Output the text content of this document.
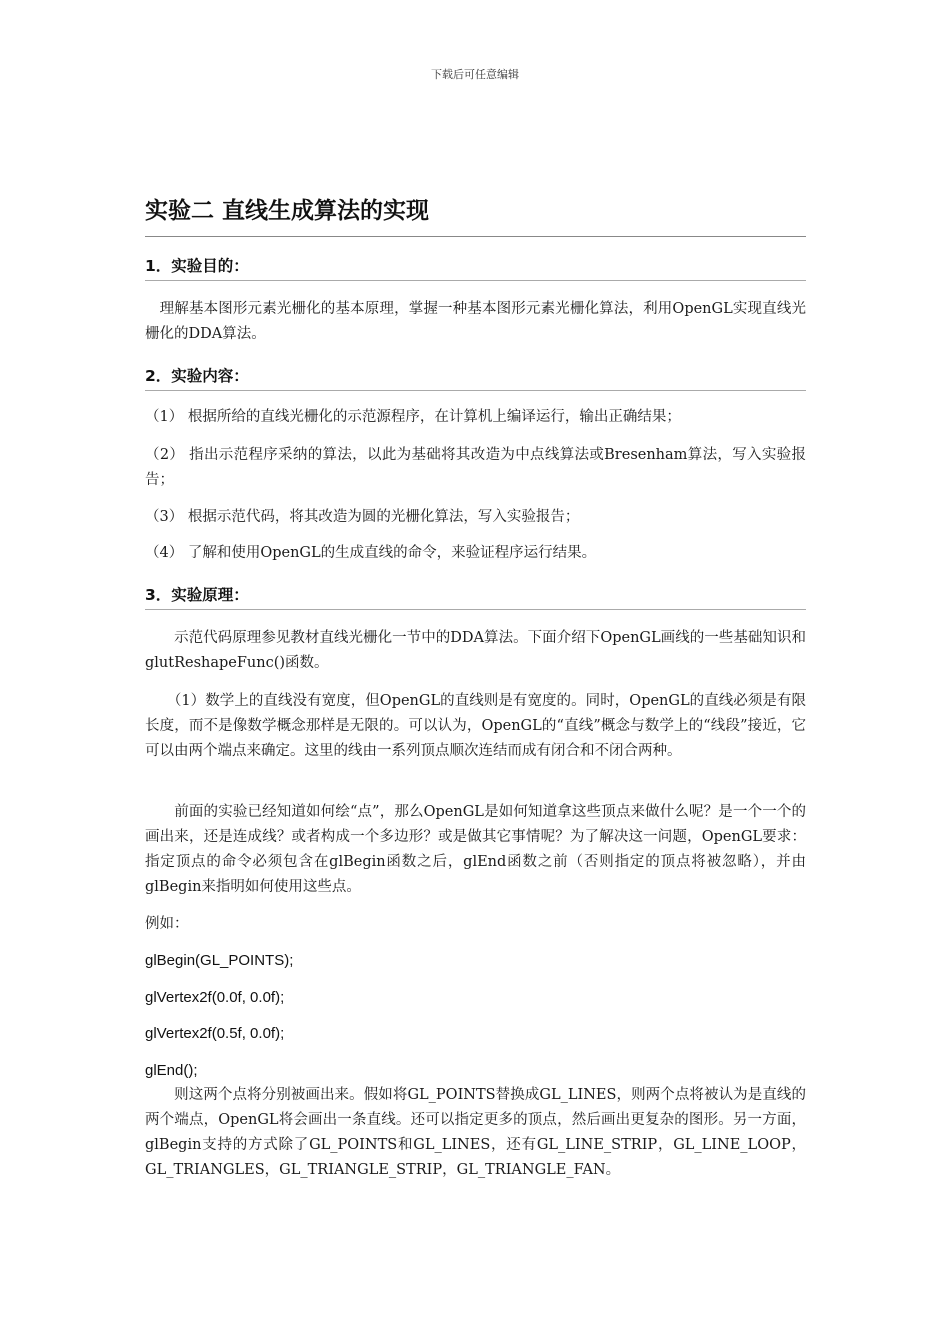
下载后可任意编辑
实验二 直线生成算法的实现
1．实验目的：
　理解基本图形元素光栅化的基本原理，掌握一种基本图形元素光栅化算法，利用OpenGL实现直线光栅化的DDA算法。
2．实验内容：
（1） 根据所给的直线光栅化的示范源程序，在计算机上编译运行，输出正确结果；
（2） 指出示范程序采纳的算法，以此为基础将其改造为中点线算法或Bresenham算法，写入实验报告；
（3） 根据示范代码，将其改造为圆的光栅化算法，写入实验报告；
（4） 了解和使用OpenGL的生成直线的命令，来验证程序运行结果。
3．实验原理：
　　示范代码原理参见教材直线光栅化一节中的DDA算法。下面介绍下OpenGL画线的一些基础知识和glutReshapeFunc()函数。
　　（1）数学上的直线没有宽度，但OpenGL的直线则是有宽度的。同时，OpenGL的直线必须是有限长度，而不是像数学概念那样是无限的。可以认为，OpenGL的“直线”概念与数学上的“线段”接近，它可以由两个端点来确定。这里的线由一系列顶点顺次连结而成有闭合和不闭合两种。
　　前面的实验已经知道如何绘“点”，那么OpenGL是如何知道拿这些顶点来做什么呢？是一个一个的画出来，还是连成线？或者构成一个多边形？或是做其它事情呢？为了解决这一问题，OpenGL要求：指定顶点的命令必须包含在glBegin函数之后，glEnd函数之前（否则指定的顶点将被忽略），并由glBegin来指明如何使用这些点。
例如：
glBegin(GL_POINTS);
glVertex2f(0.0f, 0.0f);
glVertex2f(0.5f, 0.0f);
glEnd();
　　则这两个点将分别被画出来。假如将GL_POINTS替换成GL_LINES，则两个点将被认为是直线的两个端点，OpenGL将会画出一条直线。还可以指定更多的顶点，然后画出更复杂的图形。另一方面，glBegin支持的方式除了GL_POINTS和GL_LINES，还有GL_LINE_STRIP，GL_LINE_LOOP，GL_TRIANGLES，GL_TRIANGLE_STRIP，GL_TRIANGLE_FAN。
